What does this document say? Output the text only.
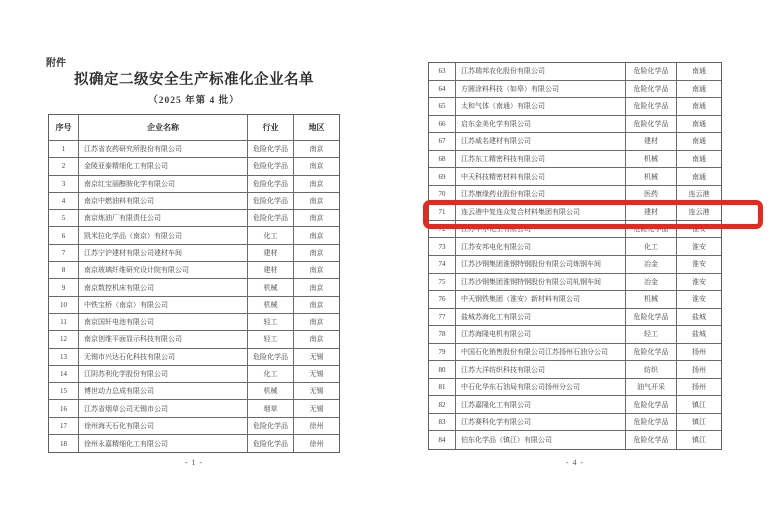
附件
拟确定二级安全生产标准化企业名单
（2025 年第 4 批）
序号	企业名称	行业	地区
1	江苏省农药研究所股份有限公司	危险化学品	南京
2	金陵亚泰精细化工有限公司	危险化学品	南京
3	南京红宝丽醇胺化学有限公司	危险化学品	南京
4	南京中燃油料有限公司	危险化学品	南京
5	南京炼油厂有限责任公司	危险化学品	南京
6	凯米拉化学品（南京）有限公司	化工	南京
7	江苏宁沪建材有限公司建材车间	建材	南京
8	南京玻璃纤维研究设计院有限公司	建材	南京
9	南京数控机床有限公司	机械	南京
10	中铁宝桥（南京）有限公司	机械	南京
11	南京国轩电池有限公司	轻工	南京
12	南京创维平面显示科技有限公司	轻工	南京
13	无锡市兴达石化科技有限公司	危险化学品	无锡
14	江阴苏利化学股份有限公司	化工	无锡
15	博世动力总成有限公司	机械	无锡
16	江苏省烟草公司无锡市公司	烟草	无锡
17	徐州海天石化有限公司	危险化学品	徐州
18	徐州永嘉精细化工有限公司	危险化学品	徐州
- 1 -
63	江苏瑞邦农化股份有限公司	危险化学品	南通
64	方圆涂料科技（如皋）有限公司	危险化学品	南通
65	太和气体（南通）有限公司	危险化学品	南通
66	启东金美化学有限公司	危险化学品	南通
67	江苏威名建材有限公司	建材	南通
68	江苏东工精密科技有限公司	机械	南通
69	中天科技精密材料有限公司	机械	南通
70	江苏康缘药业股份有限公司	医药	连云港
71	连云港中复连众复合材料集团有限公司	建材	连云港
72	江苏华尔化工有限公司	危险化学品	淮安
73	江苏安邦电化有限公司	化工	淮安
74	江苏沙钢集团淮钢特钢股份有限公司炼钢车间	冶金	淮安
75	江苏沙钢集团淮钢特钢股份有限公司轧钢车间	冶金	淮安
76	中天钢铁集团（淮安）新材料有限公司	机械	淮安
77	盐城苏海化工有限公司	危险化学品	盐城
78	江苏海隆电机有限公司	轻工	盐城
79	中国石化销售股份有限公司江苏扬州石油分公司	危险化学品	扬州
80	江苏大洋纺织科技有限公司	纺织	扬州
81	中石化华东石油局有限公司扬州分公司	油气开采	扬州
82	江苏嘉隆化工有限公司	危险化学品	镇江
83	江苏赛科化学有限公司	危险化学品	镇江
84	伯东化学品（镇江）有限公司	危险化学品	镇江
- 4 -
